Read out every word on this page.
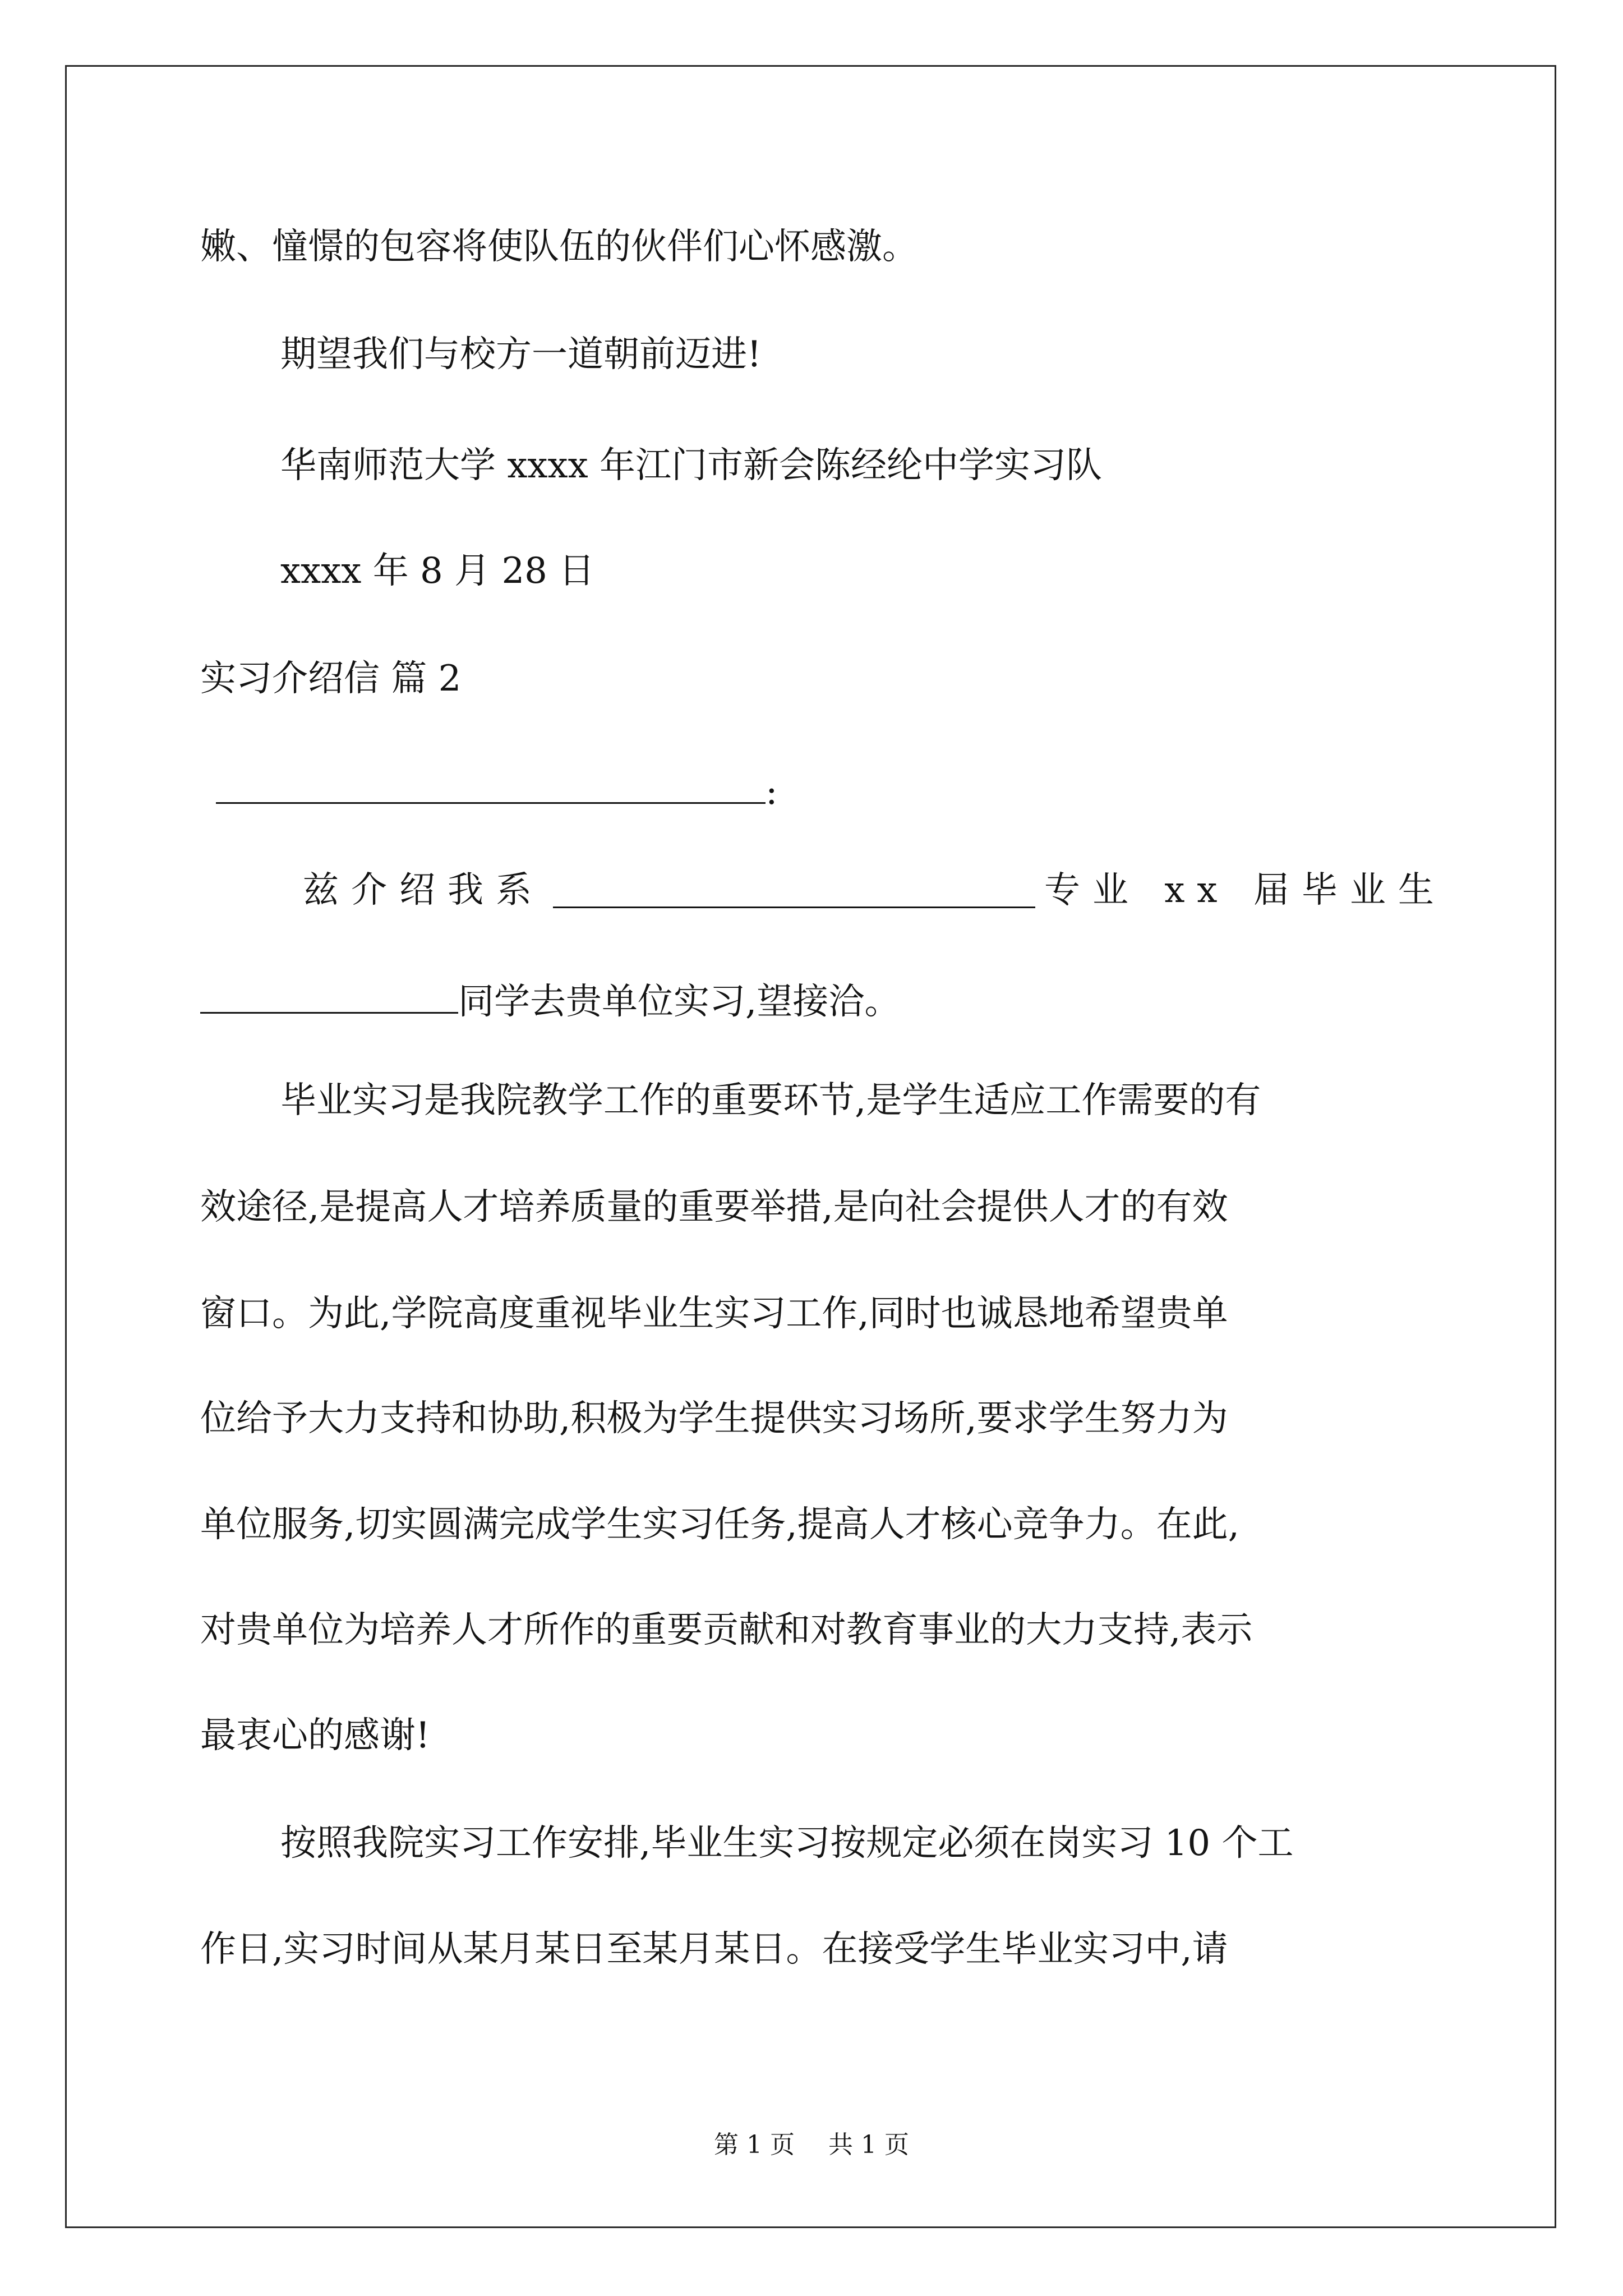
嫩、憧憬的包容将使队伍的伙伴们心怀感激。
期望我们与校方一道朝前迈进!
华南师范大学 xxxx 年江门市新会陈经纶中学实习队
xxxx 年 8 月 28 日
实习介绍信 篇 2
:
兹介绍我系	专业 xx 届毕业生
同学去贵单位实习,望接洽。
毕业实习是我院教学工作的重要环节,是学生适应工作需要的有
效途径,是提高人才培养质量的重要举措,是向社会提供人才的有效
窗口。为此,学院高度重视毕业生实习工作,同时也诚恳地希望贵单
位给予大力支持和协助,积极为学生提供实习场所,要求学生努力为
单位服务,切实圆满完成学生实习任务,提高人才核心竞争力。在此,
对贵单位为培养人才所作的重要贡献和对教育事业的大力支持,表示
最衷心的感谢!
按照我院实习工作安排,毕业生实习按规定必须在岗实习 10 个工
作日,实习时间从某月某日至某月某日。在接受学生毕业实习中,请
第 1 页 共 1 页
